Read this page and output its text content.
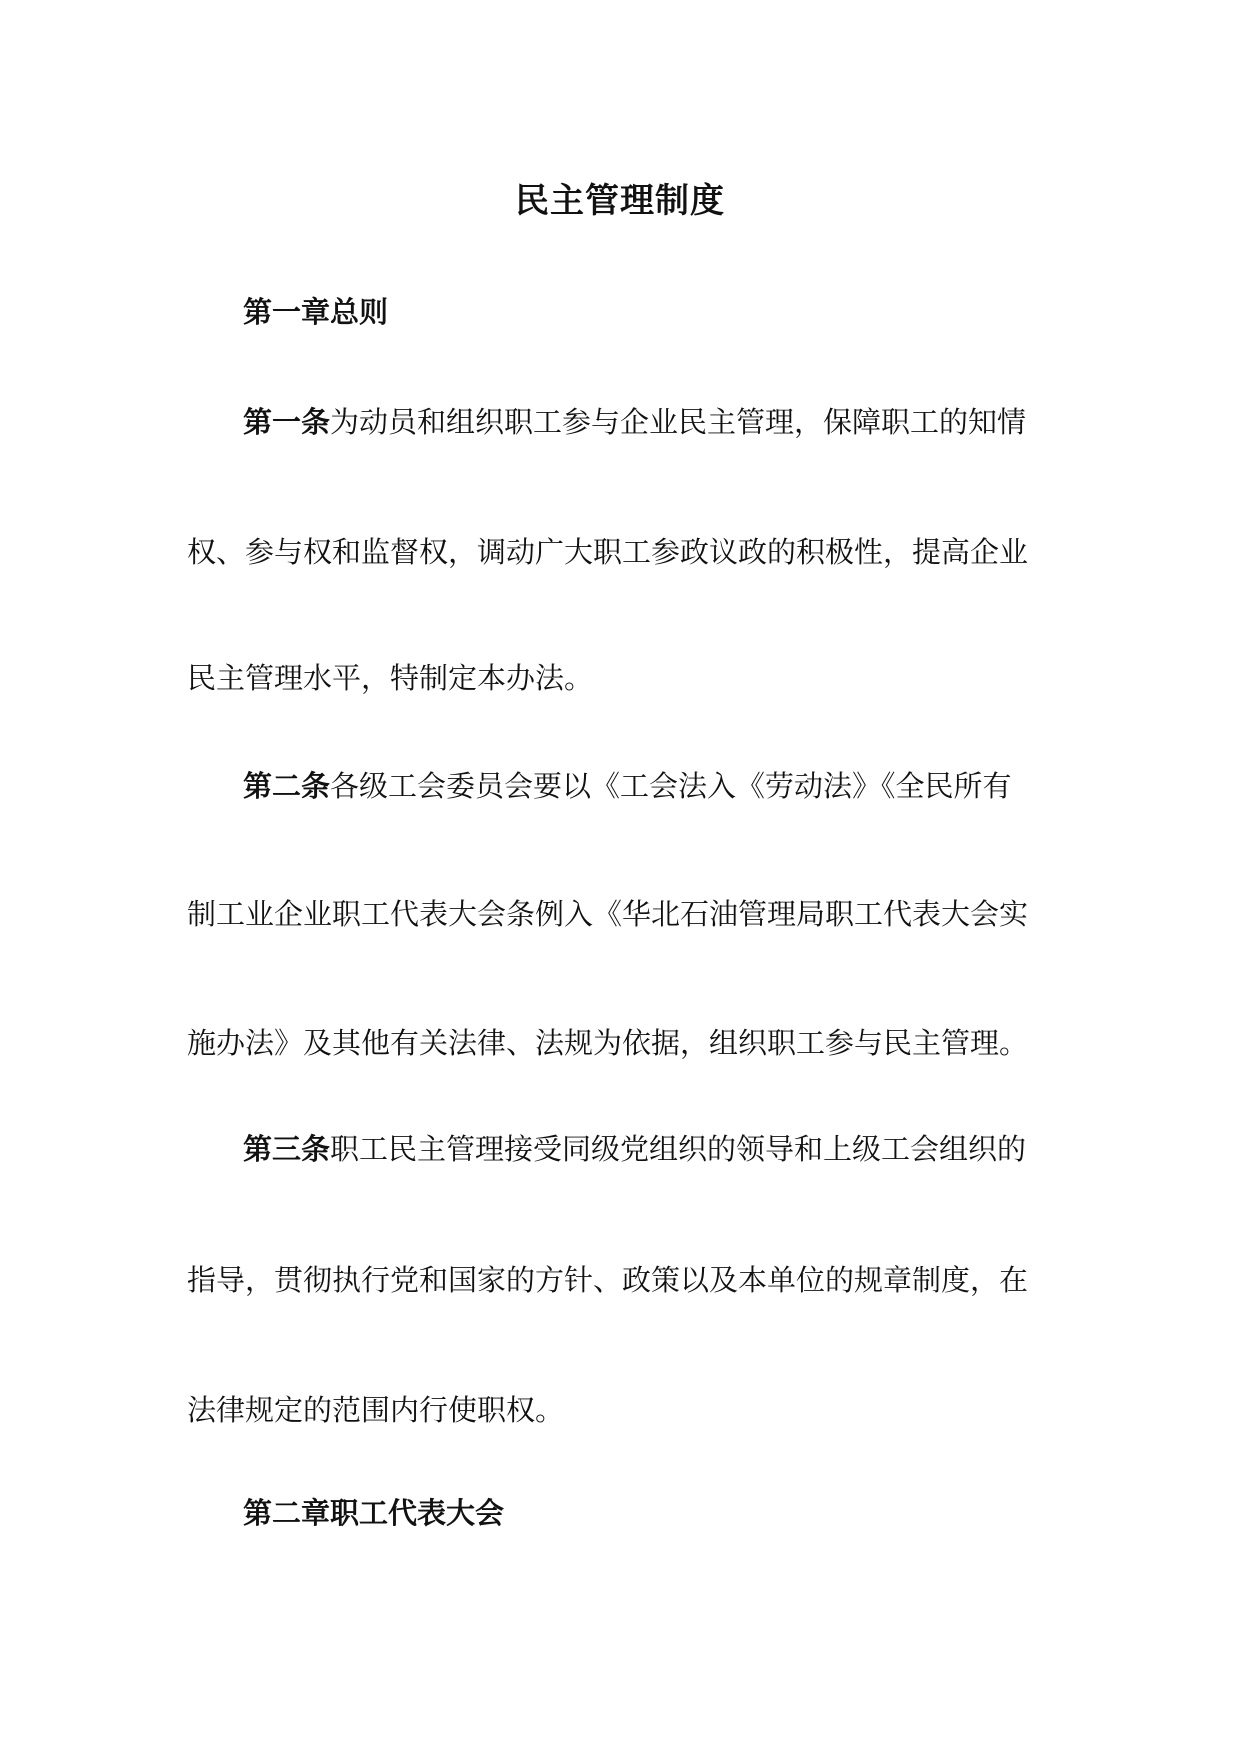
民主管理制度
第一章总则

第一条为动员和组织职工参与企业民主管理，保障职工的知情

权、参与权和监督权，调动广大职工参政议政的积极性，提高企业

民主管理水平，特制定本办法。

第二条各级工会委员会要以《工会法入《劳动法》《全民所有

制工业企业职工代表大会条例入《华北石油管理局职工代表大会实

施办法》及其他有关法律、法规为依据，组织职工参与民主管理。

第三条职工民主管理接受同级党组织的领导和上级工会组织的

指导，贯彻执行党和国家的方针、政策以及本单位的规章制度，在

法律规定的范围内行使职权。

第二章职工代表大会
